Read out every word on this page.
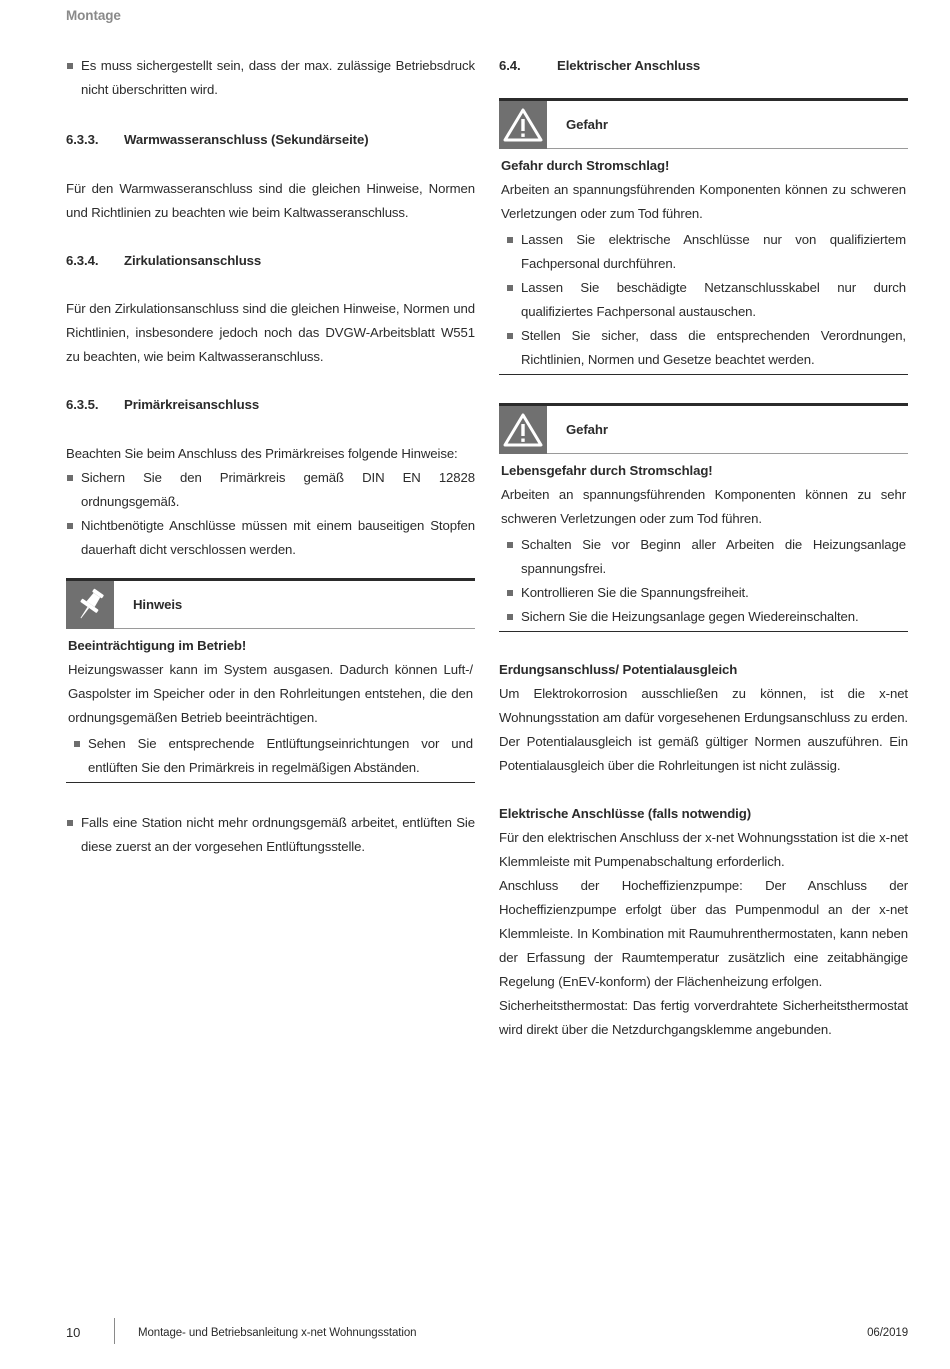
Montage
Es muss sichergestellt sein, dass der max. zulässige Betriebsdruck nicht überschritten wird.
6.3.3.	Warmwasseranschluss (Sekundärseite)

Für den Warmwasseranschluss sind die gleichen Hinweise, Normen und Richtlinien zu beachten wie beim Kaltwasseranschluss.

6.3.4.	Zirkulationsanschluss

Für den Zirkulationsanschluss sind die gleichen Hinweise, Normen und Richtlinien, insbesondere jedoch noch das DVGW-Arbeitsblatt W551 zu beachten, wie beim Kaltwasseranschluss.

6.3.5.	Primärkreisanschluss

Beachten Sie beim Anschluss des Primärkreises folgende Hinweise:

Sichern Sie den Primärkreis gemäß DIN EN 12828 ordnungsgemäß.
Nichtbenötigte Anschlüsse müssen mit einem bauseitigen Stopfen dauerhaft dicht verschlossen werden.
Hinweis

Beeinträchtigung im Betrieb!

Heizungswasser kann im System ausgasen. Dadurch können Luft-/ Gaspolster im Speicher oder in den Rohrleitungen entstehen, die den ordnungsgemäßen Betrieb beeinträchtigen.

Sehen Sie entsprechende Entlüftungseinrichtungen vor und entlüften Sie den Primärkreis in regelmäßigen Abständen.
Falls eine Station nicht mehr ordnungsgemäß arbeitet, entlüften Sie diese zuerst an der vorgesehen Entlüftungsstelle.
6.4.	Elektrischer Anschluss
Gefahr

Gefahr durch Stromschlag!

Arbeiten an spannungsführenden Komponenten können zu schweren Verletzungen oder zum Tod führen.

Lassen Sie elektrische Anschlüsse nur von qualifiziertem Fachpersonal durchführen.
Lassen Sie beschädigte Netzanschlusskabel nur durch qualifiziertes Fachpersonal austauschen.
Stellen Sie sicher, dass die entsprechenden Verordnungen, Richtlinien, Normen und Gesetze beachtet werden.
Gefahr

Lebensgefahr durch Stromschlag!

Arbeiten an spannungsführenden Komponenten können zu sehr schweren Verletzungen oder zum Tod führen.

Schalten Sie vor Beginn aller Arbeiten die Heizungsanlage spannungsfrei.
Kontrollieren Sie die Spannungsfreiheit.
Sichern Sie die Heizungsanlage gegen Wiedereinschalten.

Erdungsanschluss/ Potentialausgleich

Um Elektrokorrosion ausschließen zu können, ist die x-net Wohnungsstation am dafür vorgesehenen Erdungsanschluss zu erden. Der Potentialausgleich ist gemäß gültiger Normen auszuführen. Ein Potentialausgleich über die Rohrleitungen ist nicht zulässig.

Elektrische Anschlüsse (falls notwendig)

Für den elektrischen Anschluss der x-net Wohnungsstation ist die x-net Klemmleiste mit Pumpenabschaltung erforderlich.

Anschluss der Hocheffizienzpumpe: Der Anschluss der Hocheffizienzpumpe erfolgt über das Pumpenmodul an der x-net Klemmleiste. In Kombination mit Raumuhrenthermostaten, kann neben der Erfassung der Raumtemperatur zusätzlich eine zeitabhängige Regelung (EnEV-konform) der Flächenheizung erfolgen.

Sicherheitsthermostat: Das fertig vorverdrahtete Sicherheitsthermostat wird direkt über die Netzdurchgangsklemme angebunden.

10	Montage- und Betriebsanleitung x-net Wohnungsstation	06/2019
